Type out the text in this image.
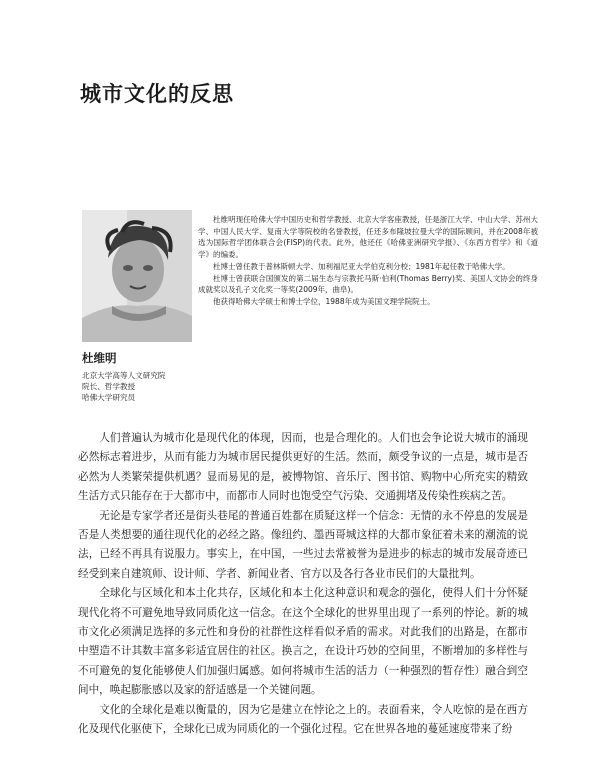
城市文化的反思
杜维明
北京大学高等人文研究院
院长、哲学教授
哈佛大学研究员

杜维明现任哈佛大学中国历史和哲学教授、北京大学客座教授，任是浙江大学、中山大学、苏州大学、中国人民大学、复南大学等院校的名誉教授，任还多布隆坡拉曼大学的国际顾问，并在2008年被选为国际哲学团体联合会(FISP)的代表。此外，他还任《哈佛亚洲研究学报》、《东西方哲学》和《道学》的编委。

杜博士曾任教于普林斯顿大学、加利福尼亚大学伯克利分校；1981年起任教于哈佛大学。

杜博士曾获联合国颁发的第二届生态与宗教托马斯·伯利(Thomas Berry)奖、美国人文协会的终身成就奖以及孔子文化奖一等奖(2009年，曲阜)。

他获得哈佛大学硕士和博士学位，1988年成为美国文理学院院士。

人们普遍认为城市化是现代化的体现，因而，也是合理化的。人们也会争论说大城市的涌现必然标志着进步，从而有能力为城市居民提供更好的生活。然而，颇受争议的一点是，城市是否必然为人类繁荣提供机遇？显而易见的是，被博物馆、音乐厅、图书馆、购物中心所充实的精致生活方式只能存在于大都市中，而都市人同时也饱受空气污染、交通拥堵及传染性疾病之苦。

无论是专家学者还是街头巷尾的普通百姓都在质疑这样一个信念：无情的永不停息的发展是否是人类想要的通往现代化的必经之路。像纽约、墨西哥城这样的大都市象征着未来的潮流的说法，已经不再具有说服力。事实上，在中国，一些过去常被誉为是进步的标志的城市发展奇迹已经受到来自建筑师、设计师、学者、新闻业者、官方以及各行各业市民们的大量批判。

全球化与区域化和本土化共存，区域化和本土化这种意识和观念的强化，使得人们十分怀疑现代化将不可避免地导致同质化这一信念。在这个全球化的世界里出现了一系列的悖论。新的城市文化必须满足选择的多元性和身份的社群性这样看似矛盾的需求。对此我们的出路是，在都市中塑造不计其数丰富多彩适宜居住的社区。换言之，在设计巧妙的空间里，不断增加的多样性与不可避免的复化能够使人们加强归属感。如何将城市生活的活力（一种强烈的暂存性）融合到空间中，唤起膨胀感以及家的舒适感是一个关键问题。

文化的全球化是难以衡量的，因为它是建立在悖论之上的。表面看来，令人吃惊的是在西方化及现代化驱使下，全球化已成为同质化的一个强化过程。它在世界各地的蔓延速度带来了纷
